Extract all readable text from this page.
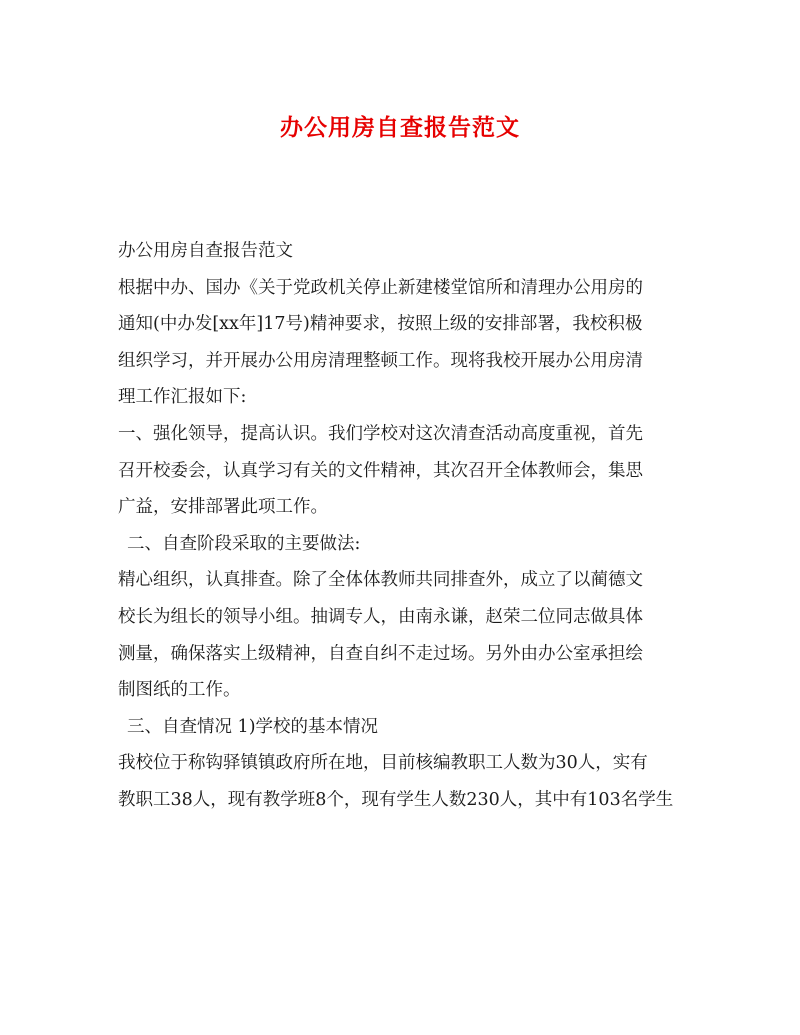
办公用房自查报告范文
办公用房自查报告范文
根据中办、国办《关于党政机关停止新建楼堂馆所和清理办公用房的
通知(中办发[xx年]17号)精神要求，按照上级的安排部署，我校积极
组织学习，并开展办公用房清理整顿工作。现将我校开展办公用房清
理工作汇报如下:
一、强化领导，提高认识。我们学校对这次清查活动高度重视，首先
召开校委会，认真学习有关的文件精神，其次召开全体教师会，集思
广益，安排部署此项工作。
二、自查阶段采取的主要做法:
精心组织，认真排查。除了全体体教师共同排查外，成立了以蔺德文
校长为组长的领导小组。抽调专人，由南永谦，赵荣二位同志做具体
测量，确保落实上级精神，自查自纠不走过场。另外由办公室承担绘
制图纸的工作。
三、自查情况 1)学校的基本情况
我校位于称钩驿镇镇政府所在地，目前核编教职工人数为30人，实有
教职工38人，现有教学班8个，现有学生人数230人，其中有103名学生
